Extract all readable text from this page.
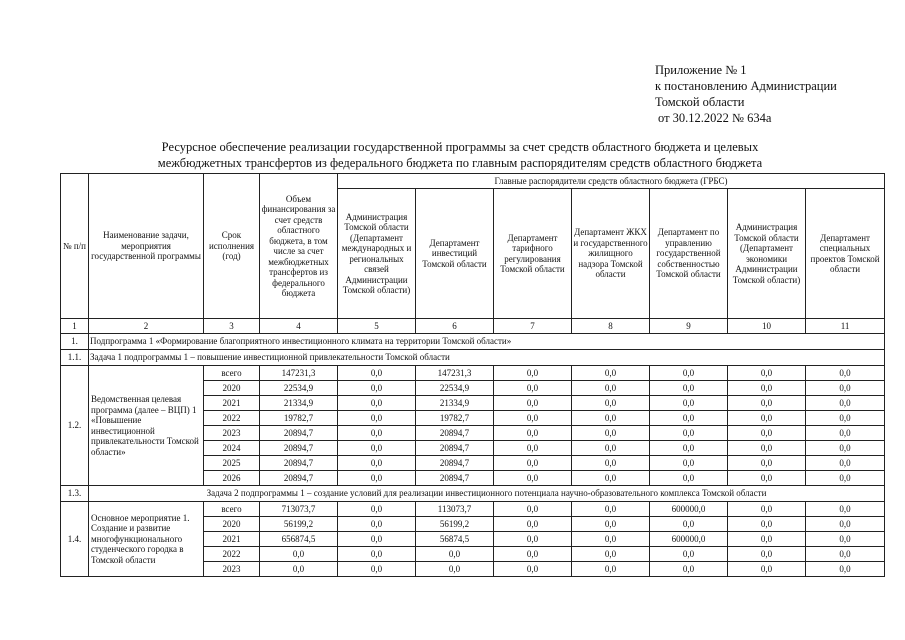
Приложение № 1
к постановлению Администрации
Томской области
от 30.12.2022 № 634а
Ресурсное обеспечение реализации государственной программы за счет средств областного бюджета и целевых
межбюджетных трансфертов из федерального бюджета по главным распорядителям средств областного бюджета
№ п/п	Наименование задачи, мероприятия государственной программы	Срок исполнения (год)	Объем финансирования за счет средств областного бюджета, в том числе за счет межбюджетных трансфертов из федерального бюджета	Главные распорядители средств областного бюджета (ГРБС)						
				Администрация Томской области (Департамент международных и региональных связей Администрации Томской области)	Департамент инвестиций Томской области	Департамент тарифного регулирования Томской области	Департамент ЖКХ и государственного жилищного надзора Томской области	Департамент по управлению государственной собственностью Томской области	Администрация Томской области (Департамент экономики Администрации Томской области)	Департамент специальных проектов Томской области
1	2	3	4	5	6	7	8	9	10	11
1.	Подпрограмма 1 «Формирование благоприятного инвестиционного климата на территории Томской области»									
1.1.	Задача 1 подпрограммы 1 – повышение инвестиционной привлекательности Томской области									
1.2.	Ведомственная целевая программа (далее – ВЦП) 1 «Повышение инвестиционной привлекательности Томской области»	всего	147231,3	0,0	147231,3	0,0	0,0	0,0	0,0	0,0
		2020	22534,9	0,0	22534,9	0,0	0,0	0,0	0,0	0,0
		2021	21334,9	0,0	21334,9	0,0	0,0	0,0	0,0	0,0
		2022	19782,7	0,0	19782,7	0,0	0,0	0,0	0,0	0,0
		2023	20894,7	0,0	20894,7	0,0	0,0	0,0	0,0	0,0
		2024	20894,7	0,0	20894,7	0,0	0,0	0,0	0,0	0,0
		2025	20894,7	0,0	20894,7	0,0	0,0	0,0	0,0	0,0
		2026	20894,7	0,0	20894,7	0,0	0,0	0,0	0,0	0,0
1.3.	Задача 2 подпрограммы 1 – создание условий для реализации инвестиционного потенциала научно-образовательного комплекса Томской области									
1.4.	Основное мероприятие 1. Создание и развитие многофункционального студенческого городка в Томской области	всего	713073,7	0,0	113073,7	0,0	0,0	600000,0	0,0	0,0
		2020	56199,2	0,0	56199,2	0,0	0,0	0,0	0,0	0,0
		2021	656874,5	0,0	56874,5	0,0	0,0	600000,0	0,0	0,0
		2022	0,0	0,0	0,0	0,0	0,0	0,0	0,0	0,0
		2023	0,0	0,0	0,0	0,0	0,0	0,0	0,0	0,0
